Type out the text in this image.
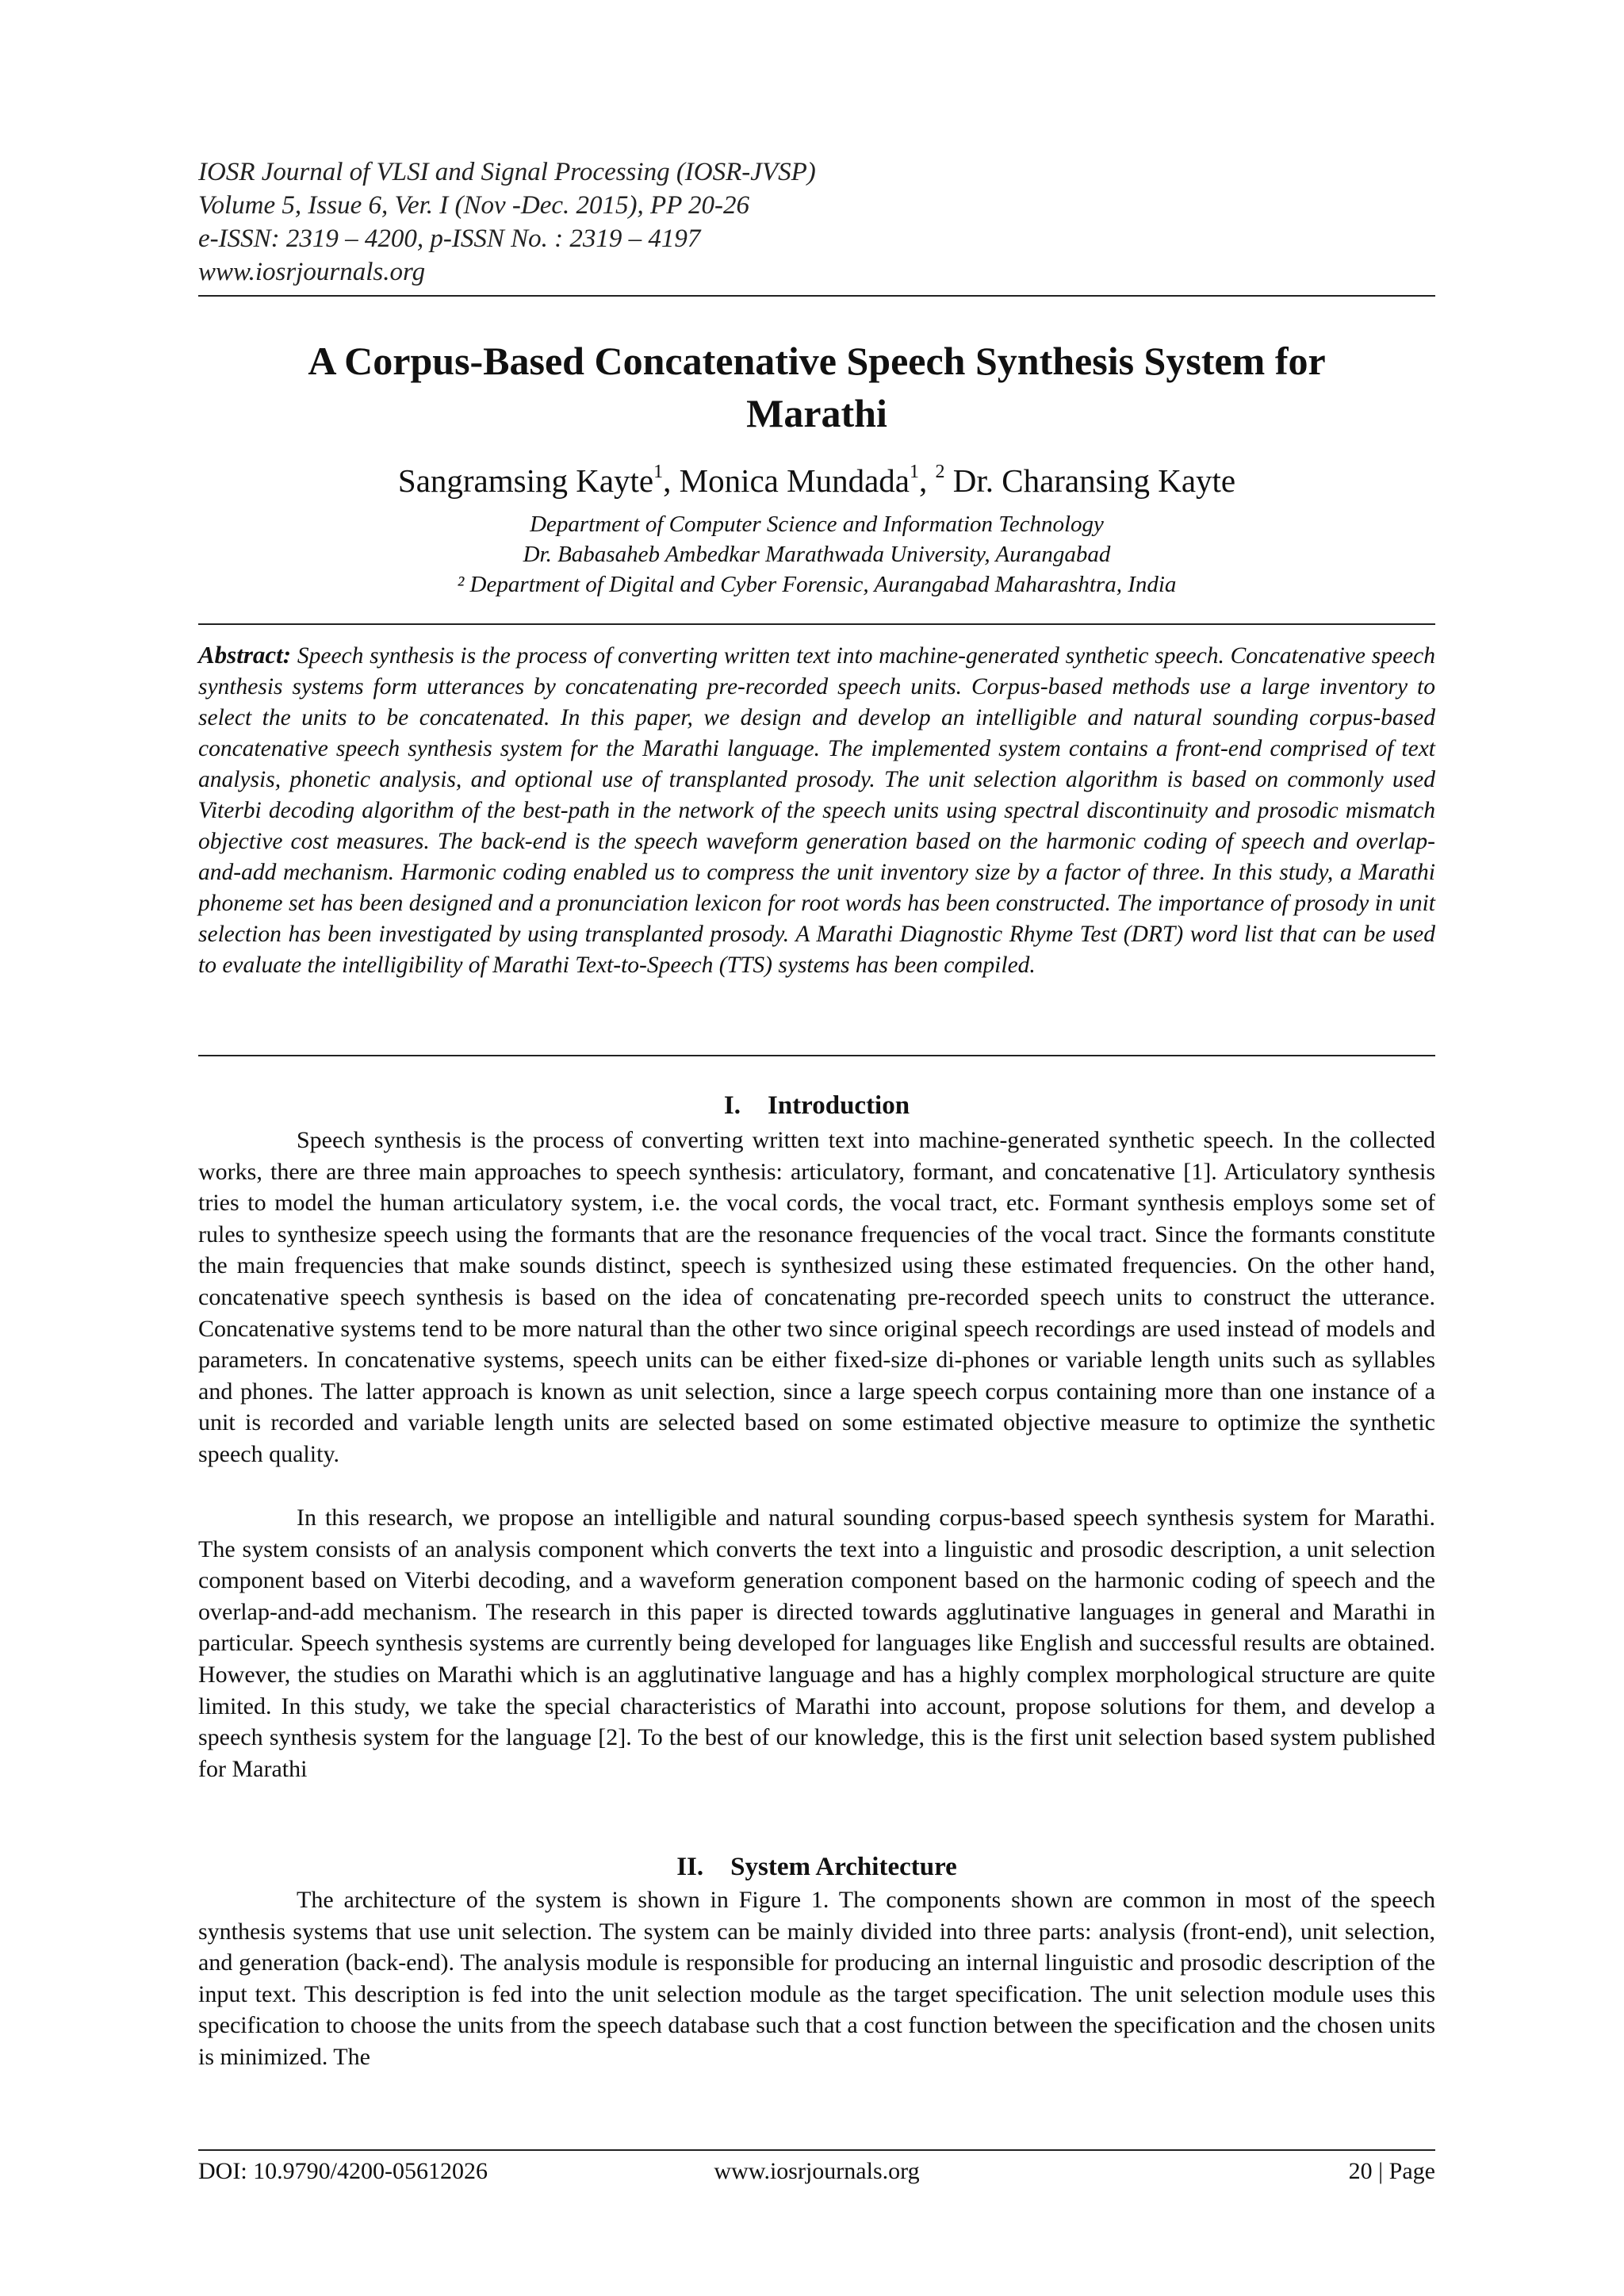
IOSR Journal of VLSI and Signal Processing (IOSR-JVSP)
Volume 5, Issue 6, Ver. I (Nov -Dec. 2015), PP 20-26
e-ISSN: 2319 – 4200, p-ISSN No. : 2319 – 4197
www.iosrjournals.org
A Corpus-Based Concatenative Speech Synthesis System for
Marathi
Sangramsing Kayte$^1$, Monica Mundada$^1$, $^2$ Dr. Charansing Kayte
Department of Computer Science and Information Technology
Dr. Babasaheb Ambedkar Marathwada University, Aurangabad
² Department of Digital and Cyber Forensic, Aurangabad Maharashtra, India
Abstract: Speech synthesis is the process of converting written text into machine-generated synthetic speech. Concatenative speech synthesis systems form utterances by concatenating pre-recorded speech units. Corpus-based methods use a large inventory to select the units to be concatenated. In this paper, we design and develop an intelligible and natural sounding corpus-based concatenative speech synthesis system for the Marathi language. The implemented system contains a front-end comprised of text analysis, phonetic analysis, and optional use of transplanted prosody. The unit selection algorithm is based on commonly used Viterbi decoding algorithm of the best-path in the network of the speech units using spectral discontinuity and prosodic mismatch objective cost measures. The back-end is the speech waveform generation based on the harmonic coding of speech and overlap-and-add mechanism. Harmonic coding enabled us to compress the unit inventory size by a factor of three. In this study, a Marathi phoneme set has been designed and a pronunciation lexicon for root words has been constructed. The importance of prosody in unit selection has been investigated by using transplanted prosody. A Marathi Diagnostic Rhyme Test (DRT) word list that can be used to evaluate the intelligibility of Marathi Text-to-Speech (TTS) systems has been compiled.
I. Introduction
Speech synthesis is the process of converting written text into machine-generated synthetic speech. In the collected works, there are three main approaches to speech synthesis: articulatory, formant, and concatenative [1]. Articulatory synthesis tries to model the human articulatory system, i.e. the vocal cords, the vocal tract, etc. Formant synthesis employs some set of rules to synthesize speech using the formants that are the resonance frequencies of the vocal tract. Since the formants constitute the main frequencies that make sounds distinct, speech is synthesized using these estimated frequencies. On the other hand, concatenative speech synthesis is based on the idea of concatenating pre-recorded speech units to construct the utterance. Concatenative systems tend to be more natural than the other two since original speech recordings are used instead of models and parameters. In concatenative systems, speech units can be either fixed-size di-phones or variable length units such as syllables and phones. The latter approach is known as unit selection, since a large speech corpus containing more than one instance of a unit is recorded and variable length units are selected based on some estimated objective measure to optimize the synthetic speech quality.
In this research, we propose an intelligible and natural sounding corpus-based speech synthesis system for Marathi. The system consists of an analysis component which converts the text into a linguistic and prosodic description, a unit selection component based on Viterbi decoding, and a waveform generation component based on the harmonic coding of speech and the overlap-and-add mechanism. The research in this paper is directed towards agglutinative languages in general and Marathi in particular. Speech synthesis systems are currently being developed for languages like English and successful results are obtained. However, the studies on Marathi which is an agglutinative language and has a highly complex morphological structure are quite limited. In this study, we take the special characteristics of Marathi into account, propose solutions for them, and develop a speech synthesis system for the language [2]. To the best of our knowledge, this is the first unit selection based system published for Marathi
II. System Architecture
The architecture of the system is shown in Figure 1. The components shown are common in most of the speech synthesis systems that use unit selection. The system can be mainly divided into three parts: analysis (front-end), unit selection, and generation (back-end). The analysis module is responsible for producing an internal linguistic and prosodic description of the input text. This description is fed into the unit selection module as the target specification. The unit selection module uses this specification to choose the units from the speech database such that a cost function between the specification and the chosen units is minimized. The
DOI: 10.9790/4200-05612026	www.iosrjournals.org	20 | Page
